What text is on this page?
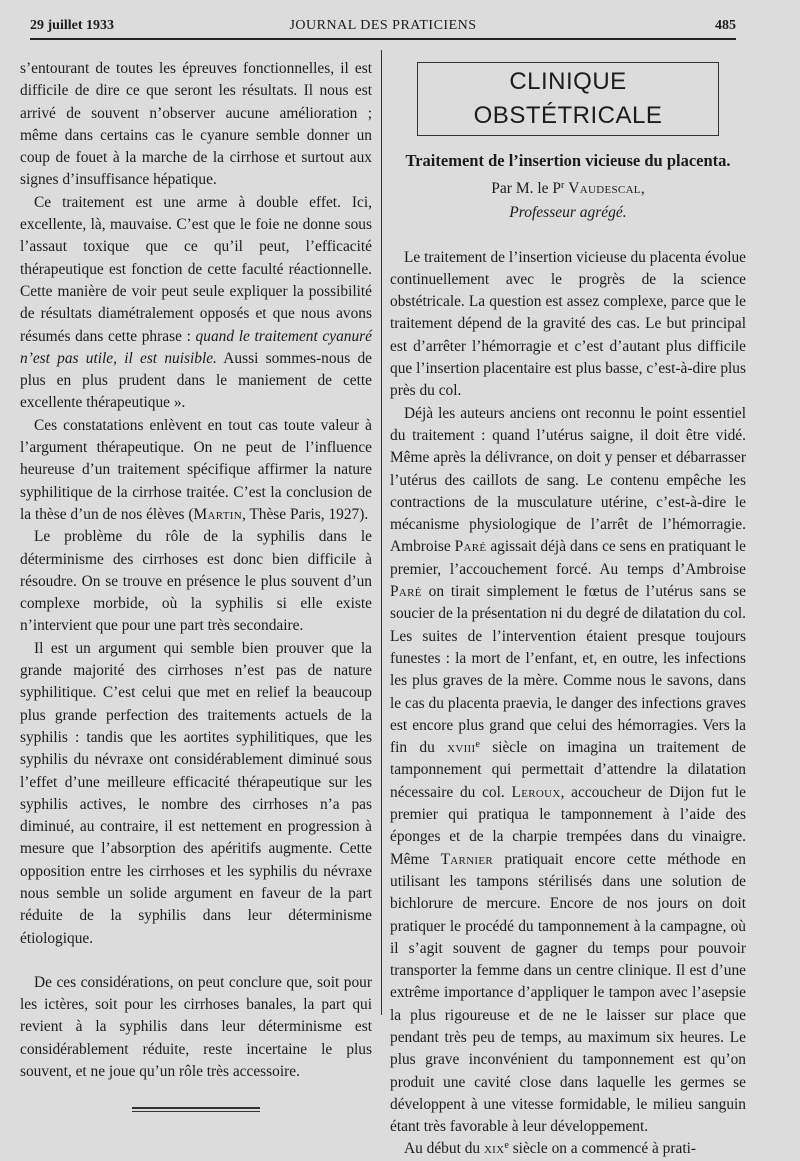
29 juillet 1933	JOURNAL DES PRATICIENS	485

s’entourant de toutes les épreuves fonctionnelles, il est difficile de dire ce que seront les résultats. Il nous est arrivé de souvent n’observer aucune amélioration ; même dans certains cas le cyanure semble donner un coup de fouet à la marche de la cirrhose et surtout aux signes d’insuffisance hépatique.

Ce traitement est une arme à double effet. Ici, excellente, là, mauvaise. C’est que le foie ne donne sous l’assaut toxique que ce qu’il peut, l’efficacité thérapeutique est fonction de cette faculté réactionnelle. Cette manière de voir peut seule expliquer la possibilité de résultats diamétralement opposés et que nous avons résumés dans cette phrase : quand le traitement cyanuré n’est pas utile, il est nuisible. Aussi sommes-nous de plus en plus prudent dans le maniement de cette excellente thérapeutique ».

Ces constatations enlèvent en tout cas toute valeur à l’argument thérapeutique. On ne peut de l’influence heureuse d’un traitement spécifique affirmer la nature syphilitique de la cirrhose traitée. C’est la conclusion de la thèse d’un de nos élèves (Martin, Thèse Paris, 1927).

Le problème du rôle de la syphilis dans le déterminisme des cirrhoses est donc bien difficile à résoudre. On se trouve en présence le plus souvent d’un complexe morbide, où la syphilis si elle existe n’intervient que pour une part très secondaire.

Il est un argument qui semble bien prouver que la grande majorité des cirrhoses n’est pas de nature syphilitique. C’est celui que met en relief la beaucoup plus grande perfection des traitements actuels de la syphilis : tandis que les aortites syphilitiques, que les syphilis du névraxe ont considérablement diminué sous l’effet d’une meilleure efficacité thérapeutique sur les syphilis actives, le nombre des cirrhoses n’a pas diminué, au contraire, il est nettement en progression à mesure que l’absorption des apéritifs augmente. Cette opposition entre les cirrhoses et les syphilis du névraxe nous semble un solide argument en faveur de la part réduite de la syphilis dans leur déterminisme étiologique.

De ces considérations, on peut conclure que, soit pour les ictères, soit pour les cirrhoses banales, la part qui revient à la syphilis dans leur déterminisme est considérablement réduite, reste incertaine le plus souvent, et ne joue qu’un rôle très accessoire.

CLINIQUE OBSTÉTRICALE
Traitement de l’insertion vicieuse du placenta.
Par M. le $P^r$ Vaudescal,
Professeur agrégé.

Le traitement de l’insertion vicieuse du placenta évolue continuellement avec le progrès de la science obstétricale. La question est assez complexe, parce que le traitement dépend de la gravité des cas. Le but principal est d’arrêter l’hémorragie et c’est d’autant plus difficile que l’insertion placentaire est plus basse, c’est-à-dire plus près du col.

Déjà les auteurs anciens ont reconnu le point essentiel du traitement : quand l’utérus saigne, il doit être vidé. Même après la délivrance, on doit y penser et débarrasser l’utérus des caillots de sang. Le contenu empêche les contractions de la musculature utérine, c’est-à-dire le mécanisme physiologique de l’arrêt de l’hémorragie. Ambroise Paré agissait déjà dans ce sens en pratiquant le premier, l’accouchement forcé. Au temps d’Ambroise Paré on tirait simplement le fœtus de l’utérus sans se soucier de la présentation ni du degré de dilatation du col. Les suites de l’intervention étaient presque toujours funestes : la mort de l’enfant, et, en outre, les infections les plus graves de la mère. Comme nous le savons, dans le cas du placenta praevia, le danger des infections graves est encore plus grand que celui des hémorragies. Vers la fin du xviii$^e$ siècle on imagina un traitement de tamponnement qui permettait d’attendre la dilatation nécessaire du col. Leroux, accoucheur de Dijon fut le premier qui pratiqua le tamponnement à l’aide des éponges et de la charpie trempées dans du vinaigre. Même Tarnier pratiquait encore cette méthode en utilisant les tampons stérilisés dans une solution de bichlorure de mercure. Encore de nos jours on doit pratiquer le procédé du tamponnement à la campagne, où il s’agit souvent de gagner du temps pour pouvoir transporter la femme dans un centre clinique. Il est d’une extrême importance d’appliquer le tampon avec l’asepsie la plus rigoureuse et de ne le laisser sur place que pendant très peu de temps, au maximum six heures. Le plus grave inconvénient du tamponnement est qu’on produit une cavité close dans laquelle les germes se développent à une vitesse formidable, le milieu sanguin étant très favorable à leur développement.

Au début du xix$^e$ siècle on a commencé à prati-
